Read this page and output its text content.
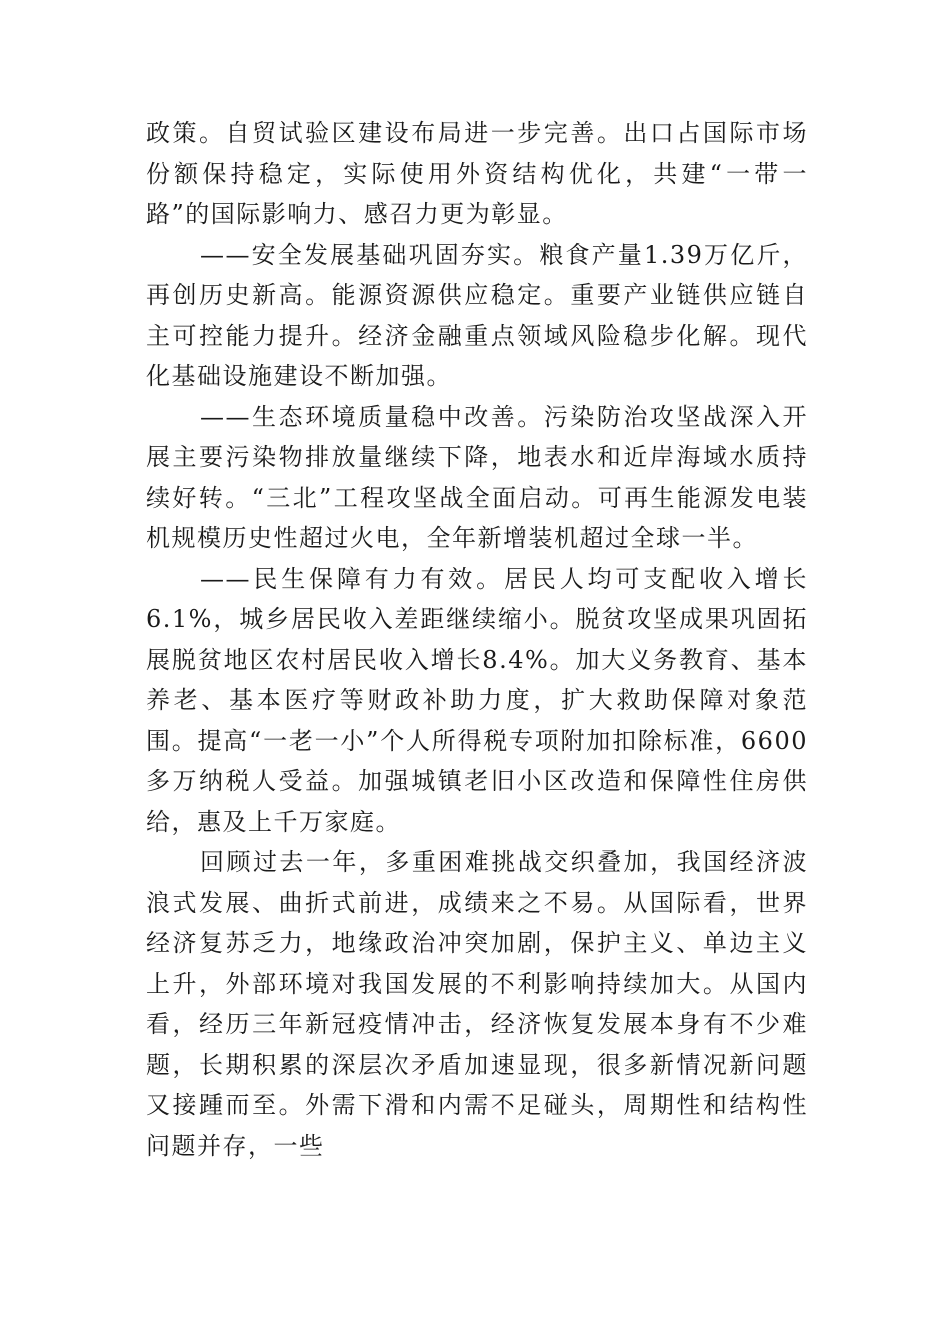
政策。自贸试验区建设布局进一步完善。出口占国际市场份额保持稳定，实际使用外资结构优化，共建“一带一路”的国际影响力、感召力更为彰显。

——安全发展基础巩固夯实。粮食产量1.39万亿斤，再创历史新高。能源资源供应稳定。重要产业链供应链自主可控能力提升。经济金融重点领域风险稳步化解。现代化基础设施建设不断加强。

——生态环境质量稳中改善。污染防治攻坚战深入开展主要污染物排放量继续下降，地表水和近岸海域水质持续好转。“三北”工程攻坚战全面启动。可再生能源发电装机规模历史性超过火电，全年新增装机超过全球一半。

——民生保障有力有效。居民人均可支配收入增长6.1%，城乡居民收入差距继续缩小。脱贫攻坚成果巩固拓展脱贫地区农村居民收入增长8.4%。加大义务教育、基本养老、基本医疗等财政补助力度，扩大救助保障对象范围。提高“一老一小”个人所得税专项附加扣除标准，6600多万纳税人受益。加强城镇老旧小区改造和保障性住房供给，惠及上千万家庭。

回顾过去一年，多重困难挑战交织叠加，我国经济波浪式发展、曲折式前进，成绩来之不易。从国际看，世界经济复苏乏力，地缘政治冲突加剧，保护主义、单边主义上升，外部环境对我国发展的不利影响持续加大。从国内看，经历三年新冠疫情冲击，经济恢复发展本身有不少难题，长期积累的深层次矛盾加速显现，很多新情况新问题又接踵而至。外需下滑和内需不足碰头，周期性和结构性问题并存，一些
